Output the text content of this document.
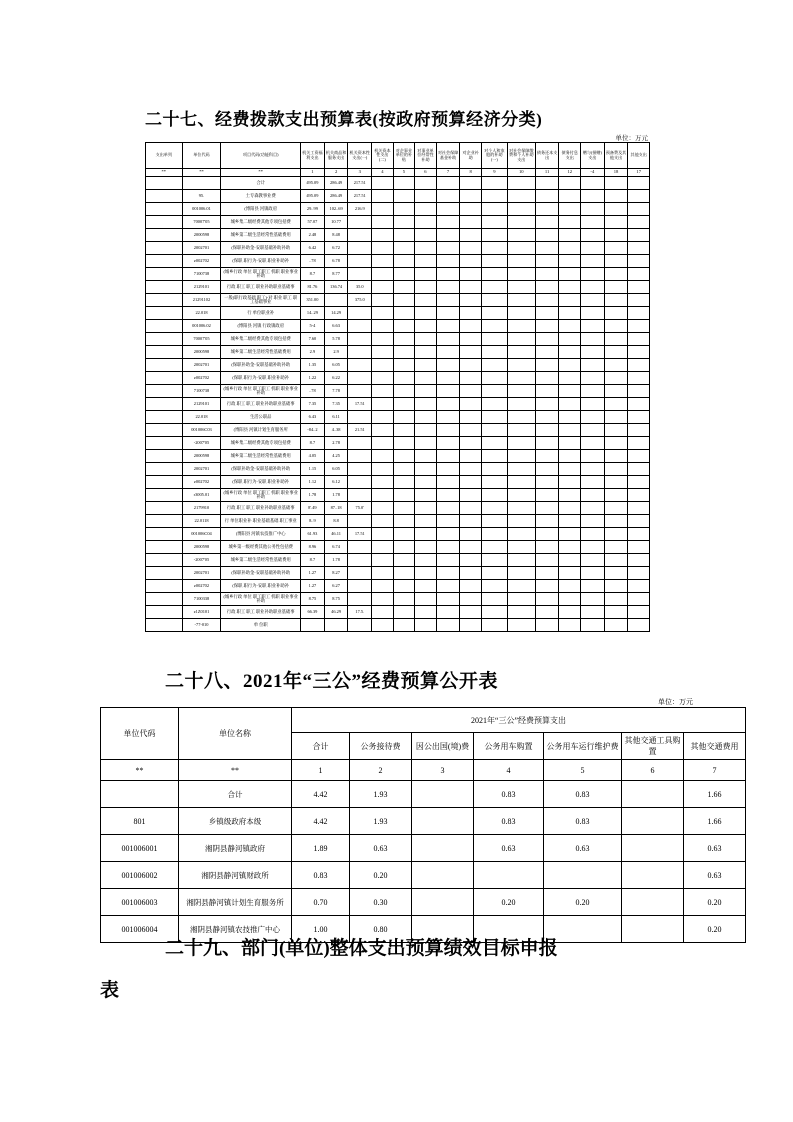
二十七、经费拨款支出预算表(按政府预算经济分类)
单位：万元
支出单列	单位代码	项目代码(功能科目)	机关工资福利支出	机关商品和服务支出	机关资本性支出(一)	机关资本性支出(二)	对企事业单位的补贴	对事业单位经常性补助	对社会保障基金补助	对企业补助	对个人和家庭的补助(一)	对社会保障缴费和个人补助支出	债务还本支出	债务付息支出	赠与(捐赠)支出	预备费及其他支出	其他支出
**	**	**	1	2	3	4	5	6	7	8	9	10	11	12	-4	18	17
		合计	495.09	286.49	217.51												
	95.	土专森教事业费	495.09	286.49	217.51												
	001006.01	(博阳县 河镇政府	29..99	102..69	216.9												
	70007'05	城乡集二级经费其他专项包括费	57.07	10.77													
	2000598	城乡第二级生活经常性基础费用	2.48	8.48													
	2002701	(保职补助金-安职基础补助补助	6.42	6.72													
	z002702	(保职 职行为-安职 职业补助补	..78	6.78													
	7100738	(城乡行政 单位 职工职工 机职 职业事业补助	8.7	8.77													
	2129101	行政 职工 职工 职业补助职业基础事	81.76	136.74	35.0												
	21291102	一般(职行政基础 职工)-对 职业 职工 职工基础事业	351.00		375.0												
	22.018	行 单位职业补	14..29	14.29													
	001006.02	(博阳县 河镇 行政镇政府	5-4	6.63													
	70007'05	城乡集二级经费其他专项包括费	7.60	5.78													
	2000598	城乡第二级生活经常性基础费用	2.9	2.9													
	2002701	(保职补助金-安职基础补助补助	1.35	6.05													
	z002702	(保职 职行为-安职 职业补助补	1.22	6.22													
	7100738	(城乡行政 单位 职工职工 机职 职业事业补助	..78	7.78													
	2129101	行政 职工 职工 职业补助职业基础事	7.35	7.35	17.51												
	22.018	生活公职品	6.43	6.11													
	001006C03	(博阳县 河镇计划生育服务所	-84..2	4..38	21.51												
	-2007'05	城乡集二级经费其他专项包括费	8.7	2.78													
	2000598	城乡第二级生活经常性基础费用	4.05	4.25													
	2002701	(保职补助金-安职基础补助补助	1.15	6.05													
	z002702	(保职 职行为-安职 职业补助补	1.12	6.12													
	r3005.01	(城乡行政 单位 职工职工 机职 职业事业补助	1.78	1.78													
	2179910	行政 职工 职工 职业补助职业基础事	8'.49	87..18	75.0'												
	22.0118	行 单位职业补 职业基础基础 职工事业	8..9	8.8													
	001006C04	(博阳县 河镇农技推广中心	61.93	46.11	17.51												
	2000598	城乡第一级经费其他公务性包括费	8.96	6.74													
	-2007'05	城乡第二级生活经常性基础费用	8.7	1.78													
	2002701	(保职补助金-安职基础补助补助	1.27	8.27													
	z002702	(保职 职行为-安职 职业补助补	1.27	6.27													
	7100338	(城乡行政 单位 职工职工 机职 职业事业补助	8.75	8.75													
	z1Z0101	行政 职工 职工 职业补助职业基础事	66.39	46.29	17.5.												
	-77-010	单 位职															
二十八、2021年“三公”经费预算公开表
单位：万元
单位代码	单位名称	2021年“三公”经费预算支出						
		合计	公务接待费	因公出国(境)费	公务用车购置	公务用车运行维护费	其他交通工具购置	其他交通费用
**	**	1	2	3	4	5	6	7
	合计	4.42	1.93		0.83	0.83		1.66
801	乡镇级政府本级	4.42	1.93		0.83	0.83		1.66
001006001	湘阴县静河镇政府	1.89	0.63		0.63	0.63		0.63
001006002	湘阴县静河镇财政所	0.83	0.20					0.63
001006003	湘阴县静河镇计划生育服务所	0.70	0.30		0.20	0.20		0.20
001006004	湘阴县静河镇农技推广中心	1.00	0.80					0.20
二十九、部门(单位)整体支出预算绩效目标申报
表
